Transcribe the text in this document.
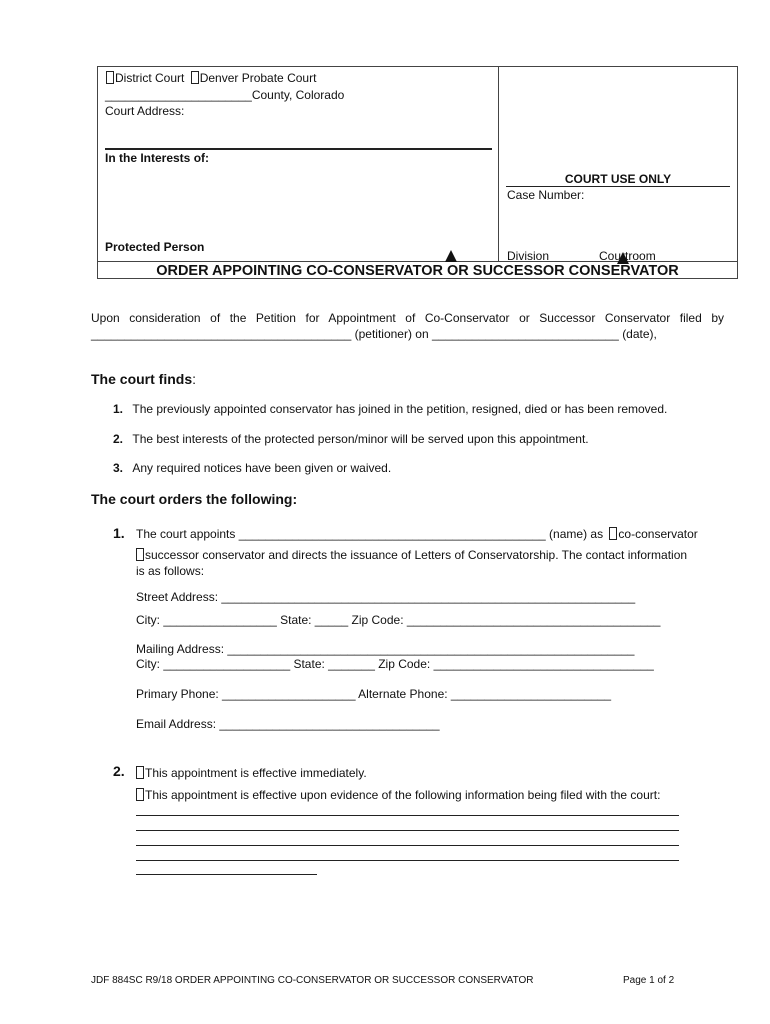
District Court Denver Probate Court
______________________County, Colorado
Court Address:
In the Interests of:
Protected Person
COURT USE ONLY
Case Number:
Division	Courtroom
ORDER APPOINTING CO-CONSERVATOR OR SUCCESSOR CONSERVATOR
Upon consideration of the Petition for Appointment of Co-Conservator or Successor Conservator filed by
_______________________________________ (petitioner) on ____________________________ (date),
The court finds:
1. The previously appointed conservator has joined in the petition, resigned, died or has been removed.
2. The best interests of the protected person/minor will be served upon this appointment.
3. Any required notices have been given or waived.
The court orders the following:
1. The court appoints ______________________________________________ (name) as co-conservator
successor conservator and directs the issuance of Letters of Conservatorship. The contact information
is as follows:
Street Address: ______________________________________________________________
City: _________________ State: _____ Zip Code: ______________________________________
Mailing Address: _____________________________________________________________
City: ___________________ State: _______ Zip Code: _________________________________
Primary Phone: ____________________ Alternate Phone: ________________________
Email Address: _________________________________
2.	This appointment is effective immediately.
This appointment is effective upon evidence of the following information being filed with the court:
JDF 884SC R9/18 ORDER APPOINTING CO-CONSERVATOR OR SUCCESSOR CONSERVATOR	Page 1 of 2
